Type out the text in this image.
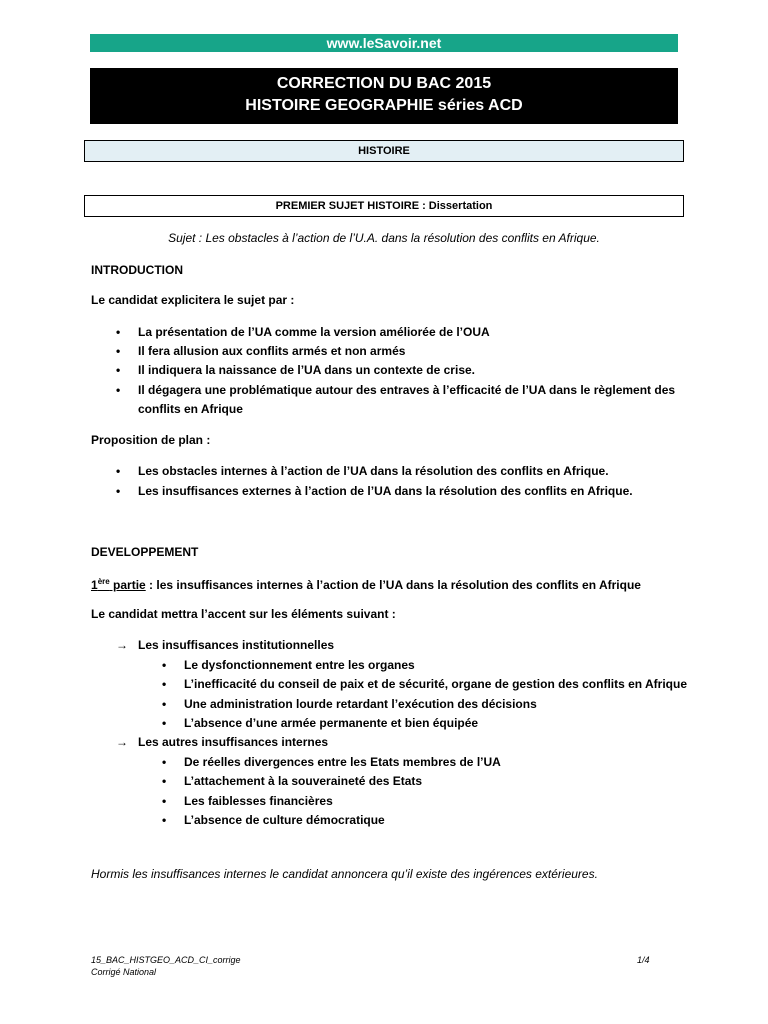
www.leSavoir.net
CORRECTION DU BAC 2015
HISTOIRE GEOGRAPHIE séries ACD
HISTOIRE
PREMIER SUJET HISTOIRE : Dissertation
Sujet : Les obstacles à l’action de l’U.A. dans la résolution des conflits en Afrique.
INTRODUCTION
Le candidat explicitera le sujet par :
• La présentation de l’UA comme la version améliorée de l’OUA
• Il fera allusion aux conflits armés et non armés
• Il indiquera la naissance de l’UA dans un contexte de crise.
• Il dégagera une problématique autour des entraves à l’efficacité de l’UA dans le règlement des
conflits en Afrique
Proposition de plan :
• Les obstacles internes à l’action de l’UA dans la résolution des conflits en Afrique.
• Les insuffisances externes à l’action de l’UA dans la résolution des conflits en Afrique.
DEVELOPPEMENT
1ère partie : les insuffisances internes à l’action de l’UA dans la résolution des conflits en Afrique
Le candidat mettra l’accent sur les éléments suivant :
→ Les insuffisances institutionnelles
• Le dysfonctionnement entre les organes
• L’inefficacité du conseil de paix et de sécurité, organe de gestion des conflits en Afrique
• Une administration lourde retardant l’exécution des décisions
• L’absence d’une armée permanente et bien équipée
→ Les autres insuffisances internes
• De réelles divergences entre les Etats membres de l’UA
• L’attachement à la souveraineté des Etats
• Les faiblesses financières
• L’absence de culture démocratique
Hormis les insuffisances internes le candidat annoncera qu’il existe des ingérences extérieures.
15_BAC_HISTGEO_ACD_CI_corrige
Corrigé National
1/4
